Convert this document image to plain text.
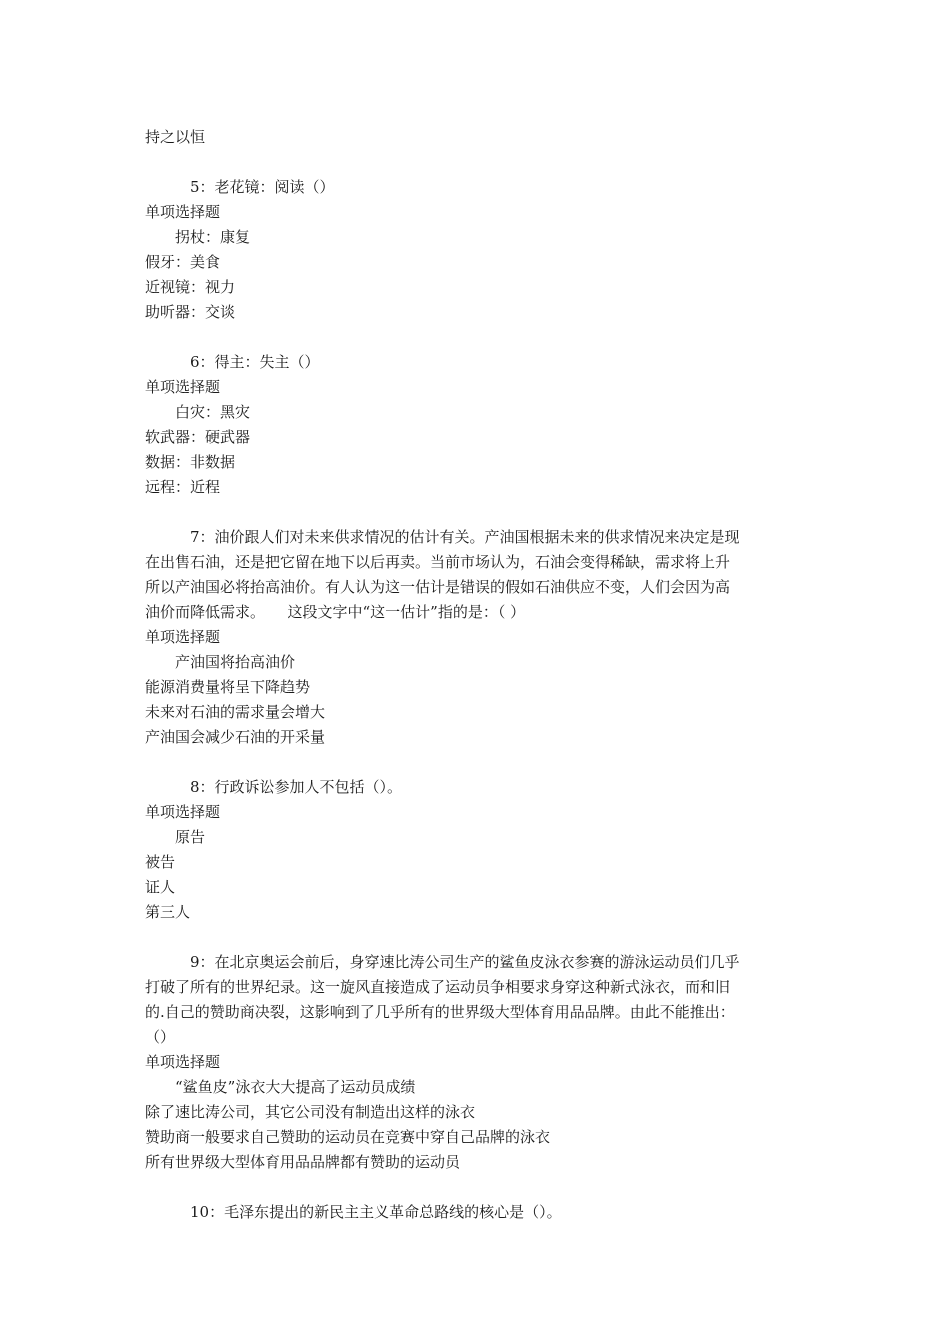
持之以恒
5：老花镜：阅读（）
单项选择题
拐杖：康复
假牙：美食
近视镜：视力
助听器：交谈
6：得主：失主（）
单项选择题
白灾：黑灾
软武器：硬武器
数据：非数据
远程：近程
7：油价跟人们对未来供求情况的估计有关。产油国根据未来的供求情况来决定是现
在出售石油，还是把它留在地下以后再卖。当前市场认为，石油会变得稀缺，需求将上升
所以产油国必将抬高油价。有人认为这一估计是错误的假如石油供应不变，人们会因为高
油价而降低需求。　　这段文字中“这一估计”指的是：（ ）
单项选择题
产油国将抬高油价
能源消费量将呈下降趋势
未来对石油的需求量会增大
产油国会减少石油的开采量
8：行政诉讼参加人不包括（）。
单项选择题
原告
被告
证人
第三人
9：在北京奥运会前后，身穿速比涛公司生产的鲨鱼皮泳衣参赛的游泳运动员们几乎
打破了所有的世界纪录。这一旋风直接造成了运动员争相要求身穿这种新式泳衣，而和旧
的.自己的赞助商决裂，这影响到了几乎所有的世界级大型体育用品品牌。由此不能推出：
（）
单项选择题
“鲨鱼皮”泳衣大大提高了运动员成绩
除了速比涛公司，其它公司没有制造出这样的泳衣
赞助商一般要求自己赞助的运动员在竞赛中穿自己品牌的泳衣
所有世界级大型体育用品品牌都有赞助的运动员
10：毛泽东提出的新民主主义革命总路线的核心是（）。
